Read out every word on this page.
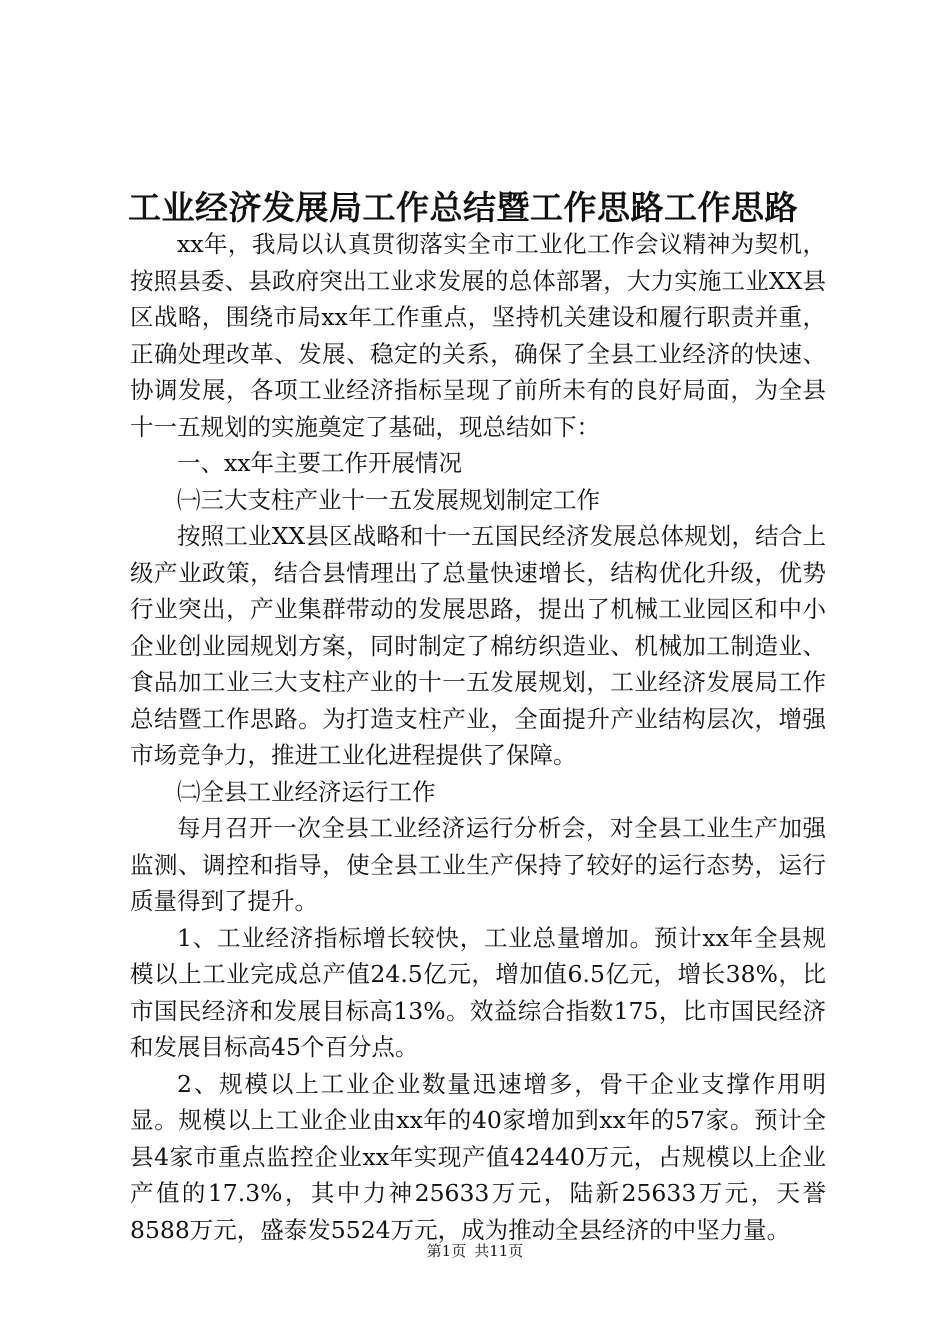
工业经济发展局工作总结暨工作思路工作思路

xx年，我局以认真贯彻落实全市工业化工作会议精神为契机，按照县委、县政府突出工业求发展的总体部署，大力实施工业XX县区战略，围绕市局xx年工作重点，坚持机关建设和履行职责并重，正确处理改革、发展、稳定的关系，确保了全县工业经济的快速、协调发展，各项工业经济指标呈现了前所未有的良好局面，为全县十一五规划的实施奠定了基础，现总结如下：

一、xx年主要工作开展情况

㈠三大支柱产业十一五发展规划制定工作

按照工业XX县区战略和十一五国民经济发展总体规划，结合上级产业政策，结合县情理出了总量快速增长，结构优化升级，优势行业突出，产业集群带动的发展思路，提出了机械工业园区和中小企业创业园规划方案，同时制定了棉纺织造业、机械加工制造业、食品加工业三大支柱产业的十一五发展规划，工业经济发展局工作总结暨工作思路。为打造支柱产业，全面提升产业结构层次，增强市场竞争力，推进工业化进程提供了保障。

㈡全县工业经济运行工作

每月召开一次全县工业经济运行分析会，对全县工业生产加强监测、调控和指导，使全县工业生产保持了较好的运行态势，运行质量得到了提升。

1、工业经济指标增长较快，工业总量增加。预计xx年全县规模以上工业完成总产值24.5亿元，增加值6.5亿元，增长38%，比市国民经济和发展目标高13%。效益综合指数175，比市国民经济和发展目标高45个百分点。

2、规模以上工业企业数量迅速增多，骨干企业支撑作用明显。规模以上工业企业由xx年的40家增加到xx年的57家。预计全县4家市重点监控企业xx年实现产值42440万元，占规模以上企业产值的17.3%，其中力神25633万元，陆新25633万元，天誉8588万元，盛泰发5524万元，成为推动全县经济的中坚力量。

第1页 共11页
